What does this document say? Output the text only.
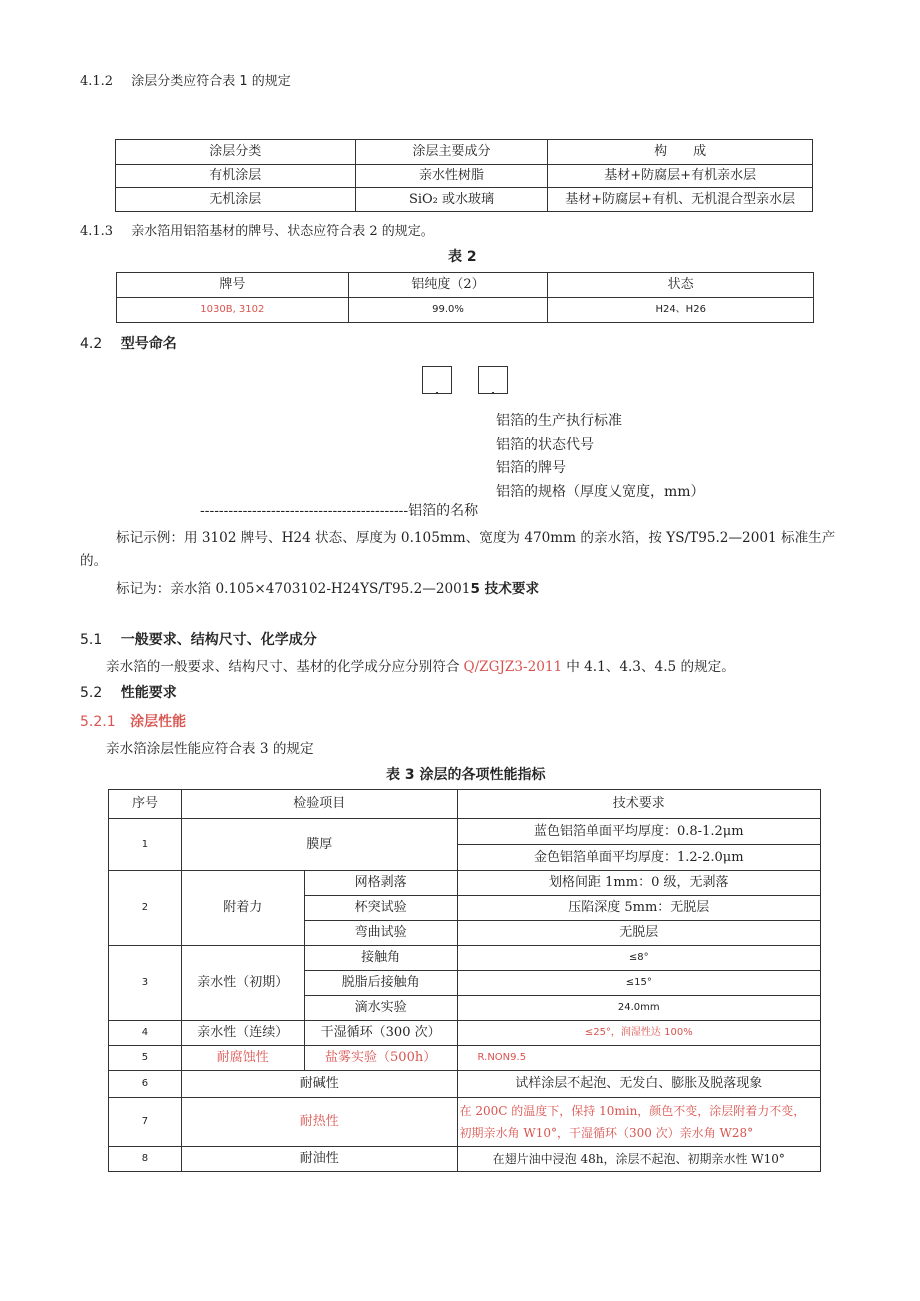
4.1.2 涂层分类应符合表 1 的规定
涂层分类	涂层主要成分	构　　成
有机涂层	亲水性树脂	基材+防腐层+有机亲水层
无机涂层	SiO₂ 或水玻璃	基材+防腐层+有机、无机混合型亲水层
4.1.3 亲水箔用铝箔基材的牌号、状态应符合表 2 的规定。
表 2
牌号	铝纯度（2）	状态
1030B, 3102	99.0%	H24、H26
4.2 型号命名
铝箔的生产执行标准
铝箔的状态代号
铝箔的牌号
铝箔的规格（厚度乂宽度，mm）
--------------------------------------------铝箔的名称
标记示例：用 3102 牌号、H24 状态、厚度为 0.105mm、宽度为 470mm 的亲水箔，按 YS/T95.2—2001 标准生产
的。
标记为：亲水箔 0.105×4703102-H24YS/T95.2—20015 技术要求
5.1 一般要求、结构尺寸、化学成分
亲水箔的一般要求、结构尺寸、基材的化学成分应分别符合 Q/ZGJZ3-2011 中 4.1、4.3、4.5 的规定。
5.2 性能要求
5.2.1 涂层性能
亲水箔涂层性能应符合表 3 的规定
表 3 涂层的各项性能指标
序号	检验项目		技术要求
1	膜厚		蓝色铝箔单面平均厚度：0.8-1.2μm
			金色铝箔单面平均厚度：1.2-2.0μm
2	附着力	网格剥落	划格间距 1mm：0 级，无剥落
		杯突试验	压陷深度 5mm：无脱层
		弯曲试验	无脱层
3	亲水性（初期）	接触角	≤8°
		脱脂后接触角	≤15°
		滴水实验	24.0mm
4	亲水性（连续）	干湿循环（300 次）	≤25°，润湿性达 100%
5	耐腐蚀性	盐雾实验（500h）	R.NON9.5
6	耐碱性		试样涂层不起泡、无发白、膨胀及脱落现象
7	耐热性		在 200C 的温度下，保持 10min，颜色不变，涂层附着力不变，
初期亲水角 W10°，干湿循环（300 次）亲水角 W28°

8	耐油性		在翅片油中浸泡 48h，涂层不起泡、初期亲水性 W10°
